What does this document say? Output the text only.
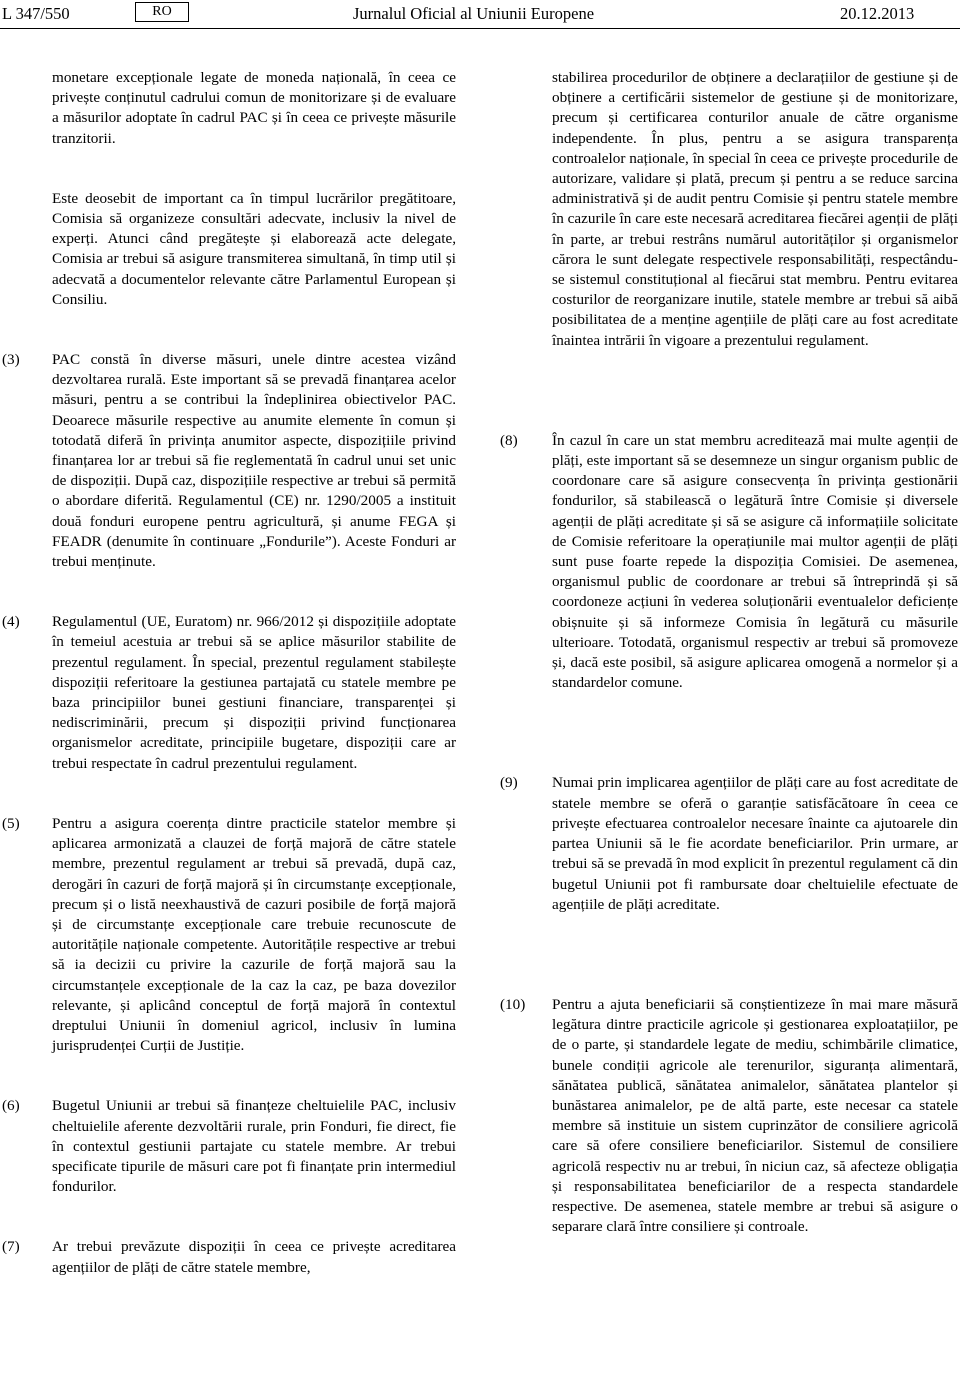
L 347/550	RO	Jurnalul Oficial al Uniunii Europene	20.12.2013
monetare excepționale legate de moneda națională, în ceea ce privește conținutul cadrului comun de monitorizare și de evaluare a măsurilor adoptate în cadrul PAC și în ceea ce privește măsurile tranzitorii.
Este deosebit de important ca în timpul lucrărilor pregătitoare, Comisia să organizeze consultări adecvate, inclusiv la nivel de experți. Atunci când pregătește și elaborează acte delegate, Comisia ar trebui să asigure transmiterea simultană, în timp util și adecvată a documentelor relevante către Parlamentul European și Consiliu.
(3)	PAC constă în diverse măsuri, unele dintre acestea vizând dezvoltarea rurală. Este important să se prevadă finanțarea acelor măsuri, pentru a se contribui la îndeplinirea obiectivelor PAC. Deoarece măsurile respective au anumite elemente în comun și totodată diferă în privința anumitor aspecte, dispozițiile privind finanțarea lor ar trebui să fie reglementată în cadrul unui set unic de dispoziții. După caz, dispozițiile respective ar trebui să permită o abordare diferită. Regulamentul (CE) nr. 1290/2005 a instituit două fonduri europene pentru agricultură, și anume FEGA și FEADR (denumite în continuare „Fondurile”). Aceste Fonduri ar trebui menținute.
(4)	Regulamentul (UE, Euratom) nr. 966/2012 și dispozițiile adoptate în temeiul acestuia ar trebui să se aplice măsurilor stabilite de prezentul regulament. În special, prezentul regulament stabilește dispoziții referitoare la gestiunea partajată cu statele membre pe baza principiilor bunei gestiuni financiare, transparenței și nediscriminării, precum și dispoziții privind funcționarea organismelor acreditate, principiile bugetare, dispoziții care ar trebui respectate în cadrul prezentului regulament.
(5)	Pentru a asigura coerența dintre practicile statelor membre și aplicarea armonizată a clauzei de forță majoră de către statele membre, prezentul regulament ar trebui să prevadă, după caz, derogări în cazuri de forță majoră și în circumstanțe excepționale, precum și o listă neexhaustivă de cazuri posibile de forță majoră și de circumstanțe excepționale care trebuie recunoscute de autoritățile naționale competente. Autoritățile respective ar trebui să ia decizii cu privire la cazurile de forță majoră sau la circumstanțele excepționale de la caz la caz, pe baza dovezilor relevante, și aplicând conceptul de forță majoră în contextul dreptului Uniunii în domeniul agricol, inclusiv în lumina jurisprudenței Curții de Justiție.
(6)	Bugetul Uniunii ar trebui să finanțeze cheltuielile PAC, inclusiv cheltuielile aferente dezvoltării rurale, prin Fonduri, fie direct, fie în contextul gestiunii partajate cu statele membre. Ar trebui specificate tipurile de măsuri care pot fi finanțate prin intermediul fondurilor.
(7)	Ar trebui prevăzute dispoziții în ceea ce privește acreditarea agențiilor de plăți de către statele membre,
stabilirea procedurilor de obținere a declarațiilor de gestiune și de obținere a certificării sistemelor de gestiune și de monitorizare, precum și certificarea conturilor anuale de către organisme independente. În plus, pentru a se asigura transparența controalelor naționale, în special în ceea ce privește procedurile de autorizare, validare și plată, precum și pentru a se reduce sarcina administrativă și de audit pentru Comisie și pentru statele membre în cazurile în care este necesară acreditarea fiecărei agenții de plăți în parte, ar trebui restrâns numărul autorităților și organismelor cărora le sunt delegate respectivele responsabilități, respectându-se sistemul constituțional al fiecărui stat membru. Pentru evitarea costurilor de reorganizare inutile, statele membre ar trebui să aibă posibilitatea de a menține agențiile de plăți care au fost acreditate înaintea intrării în vigoare a prezentului regulament.
(8)	În cazul în care un stat membru acreditează mai multe agenții de plăți, este important să se desemneze un singur organism public de coordonare care să asigure consecvența în privința gestionării fondurilor, să stabilească o legătură între Comisie și diversele agenții de plăți acreditate și să se asigure că informațiile solicitate de Comisie referitoare la operațiunile mai multor agenții de plăți sunt puse foarte repede la dispoziția Comisiei. De asemenea, organismul public de coordonare ar trebui să întreprindă și să coordoneze acțiuni în vederea soluționării eventualelor deficiențe obișnuite și să informeze Comisia în legătură cu măsurile ulterioare. Totodată, organismul respectiv ar trebui să promoveze și, dacă este posibil, să asigure aplicarea omogenă a normelor și a standardelor comune.
(9)	Numai prin implicarea agențiilor de plăți care au fost acreditate de statele membre se oferă o garanție satisfăcătoare în ceea ce privește efectuarea controalelor necesare înainte ca ajutoarele din partea Uniunii să le fie acordate beneficiarilor. Prin urmare, ar trebui să se prevadă în mod explicit în prezentul regulament că din bugetul Uniunii pot fi rambursate doar cheltuielile efectuate de agențiile de plăți acreditate.
(10)	Pentru a ajuta beneficiarii să conștientizeze în mai mare măsură legătura dintre practicile agricole și gestionarea exploatațiilor, pe de o parte, și standardele legate de mediu, schimbările climatice, bunele condiții agricole ale terenurilor, siguranța alimentară, sănătatea publică, sănătatea animalelor, sănătatea plantelor și bunăstarea animalelor, pe de altă parte, este necesar ca statele membre să instituie un sistem cuprinzător de consiliere agricolă care să ofere consiliere beneficiarilor. Sistemul de consiliere agricolă respectiv nu ar trebui, în niciun caz, să afecteze obligația și responsabilitatea beneficiarilor de a respecta standardele respective. De asemenea, statele membre ar trebui să asigure o separare clară între consiliere și controale.
